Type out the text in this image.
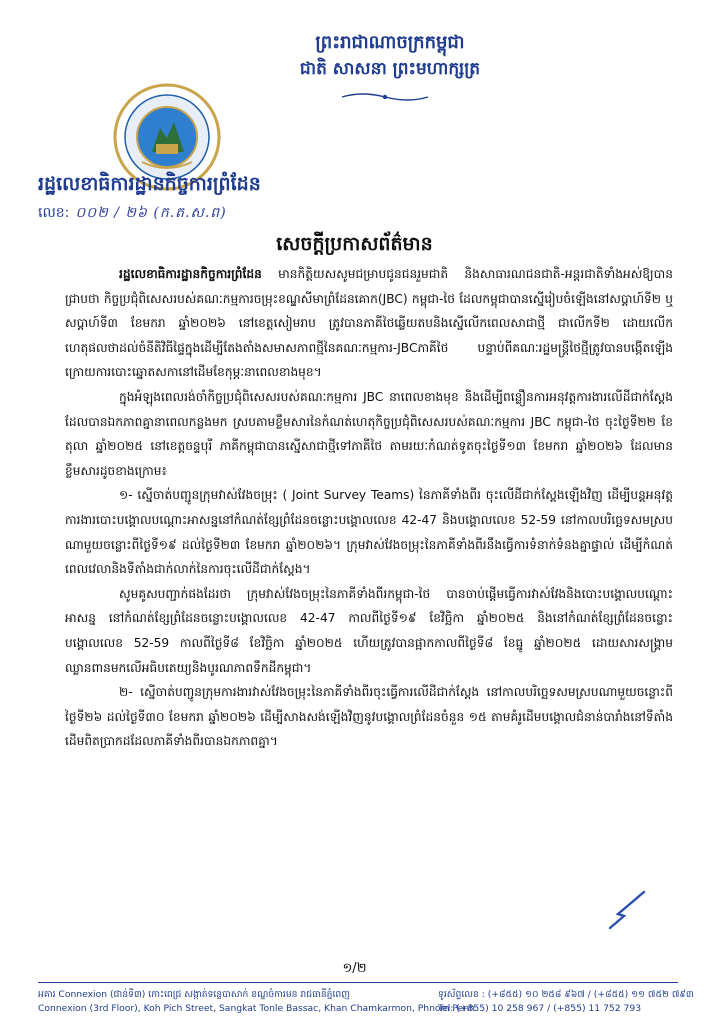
ព្រះរាជាណាចក្រកម្ពុជា
ជាតិ សាសនា ព្រះមហាក្សត្រ
រដ្ឋលេខាធិការដ្ឋានកិច្ចការព្រំដែន
លេខ: ០០២ / ២៦ (ក.ត.ស.ព)
សេចក្តីប្រកាសព័ត៌មាន

រដ្ឋលេខាធិការដ្ឋានកិច្ចការព្រំដែន មានកិត្តិយសសូមជម្រាបជូនជនរួមជាតិ និងសាធារណជនជាតិ-អន្តរជាតិទាំងអស់ឱ្យបានជ្រាបថា កិច្ចប្រជុំពិសេសរបស់គណៈកម្មការចម្រុះខណ្ឌសីមាព្រំដែនគោក(JBC) កម្ពុជា-ថៃ ដែលកម្ពុជាបានស្នើរៀបចំឡើងនៅសប្តាហ៍ទី២ ឬសប្តាហ៍ទី៣ ខែមករា ឆ្នាំ២០២៦ នៅខេត្តសៀមរាប ត្រូវបានភាគីថៃឆ្លើយតបនិងស្នើលើកពេលសាជាថ្មី ជាលើកទី២ ដោយលើកហេតុផលថាដល់ចំនីតិវិធីផ្ទៃក្នុងដើម្បីតែងតាំងសមាសភាពថ្មីនៃគណៈកម្មការ-JBCភាគីថៃ បន្ទាប់ពីគណៈរដ្ឋមន្ត្រីថៃថ្មីត្រូវបានបង្កើតឡើង ក្រោយការបោះឆ្នោតសកានៅដើមខែកុម្ភៈនាពេលខាងមុខ។

ក្នុងអំឡុងពេលរង់ចាំកិច្ចប្រជុំពិសេសរបស់គណៈកម្មការ JBC នាពេលខាងមុខ និងដើម្បីពន្លឿនការអនុវត្តការងារលើដីជាក់ស្តែងដែលបានឯកភាពគ្នានាពេលកន្លងមក ស្របតាមខ្លឹមសារនៃកំណត់ហេតុកិច្ចប្រជុំពិសេសរបស់គណៈកម្មការ JBC កម្ពុជា-ថៃ ចុះថ្ងៃទី២២ ខែតុលា ឆ្នាំ២០២៥ នៅខេត្តចន្ទបុរី ភាគីកម្ពុជាបានស្នើសាជាថ្មីទៅភាគីថៃ តាមរយៈកំណត់ទូតចុះថ្ងៃទី១៣ ខែមករា ឆ្នាំ២០២៦ ដែលមានខ្លឹមសារដូចខាងក្រោម៖

១- ស្នើចាត់បញ្ជូនក្រុមវាស់វែងចម្រុះ ( Joint Survey Teams) នៃភាគីទាំងពីរ ចុះលើដីជាក់ស្តែងឡើងវិញ ដើម្បីបន្តអនុវត្តការងារបោះបង្គោលបណ្តោះអាសន្ននៅកំណត់ខ្សែព្រំដែនចន្លោះបង្គោលលេខ 42-47 និងបង្គោលលេខ 52-59 នៅកាលបរិច្ឆេទសមស្របណាមួយចន្លោះពីថ្ងៃទី១៩ ដល់ថ្ងៃទី២៣ ខែមករា ឆ្នាំ២០២៦។ ក្រុមវាស់វែងចម្រុះនៃភាគីទាំងពីរនឹងធ្វើការទំនាក់ទំនងគ្នាផ្ទាល់ ដើម្បីកំណត់ពេលវេលានិងទីតាំងជាក់លាក់នៃការចុះលើដីជាក់ស្តែង។

សូមគូសបញ្ជាក់ផងដែរថា ក្រុមវាស់វែងចម្រុះនៃភាគីទាំងពីរកម្ពុជា-ថៃ បានចាប់ផ្តើមធ្វើការវាស់វែងនិងបោះបង្គោលបណ្តោះអាសន្ន នៅកំណត់ខ្សែព្រំដែនចន្លោះបង្គោលលេខ 42-47 កាលពីថ្ងៃទី១៩ ខែវិច្ឆិកា ឆ្នាំ២០២៥ និងនៅកំណត់ខ្សែព្រំដែនចន្លោះបង្គោលលេខ 52-59 កាលពីថ្ងៃទី៨ ខែវិច្ឆិកា ឆ្នាំ២០២៥ ហើយត្រូវបានផ្អាកកាលពីថ្ងៃទី៨ ខែធ្នូ ឆ្នាំ២០២៥ ដោយសារសង្គ្រាមឈ្លានពានមកលើអធិបតេយ្យនិងបូរណភាពទឹកដីកម្ពុជា។

២- ស្នើចាត់បញ្ជូនក្រុមការងារវាស់វែងចម្រុះនៃភាគីទាំងពីរចុះធ្វើការលើដីជាក់ស្តែង នៅកាលបរិច្ឆេទសមស្របណាមួយចន្លោះពីថ្ងៃទី២៦ ដល់ថ្ងៃទី៣០ ខែមករា ឆ្នាំ២០២៦ ដើម្បីសាងសង់ឡើងវិញនូវបង្គោលព្រំដែនចំនួន ១៥ តាមគំរូដើមបង្គោលជំនាន់បារាំងនៅទីតាំងដើមពិតប្រាកដដែលភាគីទាំងពីរបានឯកភាពគ្នា។

១/២
អគារ Connexion (ជាន់ទី៣) កោះពេជ្រ សង្កាត់ទន្លេបាសាក់ ខណ្ឌចំការមន រាជធានីភ្នំពេញ
Connexion (3rd Floor), Koh Pich Street, Sangkat Tonle Bassac, Khan Chamkarmon, Phnom Penh
ទូរស័ព្ទលេខ : (+៨៥៥) ១០ ២៥៨ ៩៦៧ / (+៨៥៥) ១១ ៧៥២ ៧៩៣
Tel: (+855) 10 258 967 / (+855) 11 752 793
